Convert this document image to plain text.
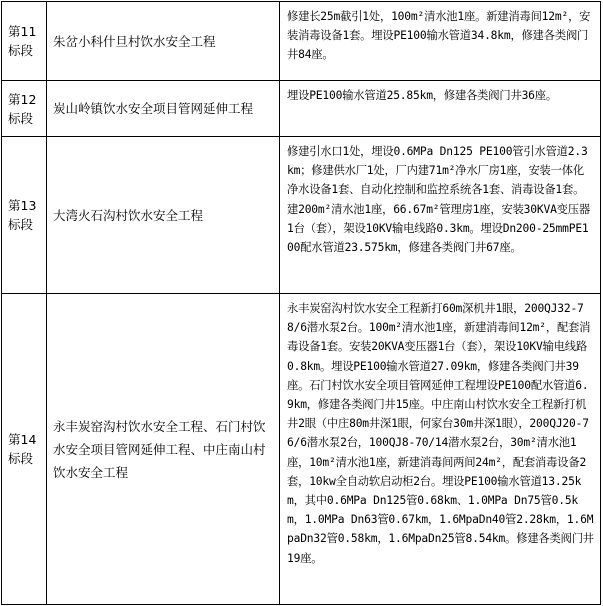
第11标段	朱岔小科什旦村饮水安全工程	修建长25m截引1处，100m²清水池1座。新建消毒间12m²，安装消毒设备1套。埋设PE100输水管道34.8km，修建各类阀门井84座。
第12标段	炭山岭镇饮水安全项目管网延伸工程	埋设PE100输水管道25.85km，修建各类阀门井36座。
第13标段	大湾火石沟村饮水安全工程	修建引水口1处，埋设0.6MPa Dn125 PE100管引水管道2.3km；修建供水厂1处，厂内建71m²净水厂房1座，安装一体化净水设备1套、自动化控制和监控系统各1套、消毒设备1套。建200m²清水池1座，66.67m²管理房1座，安装30KVA变压器1台（套），架设10KV输电线路0.3km。埋设Dn200-25mmPE100配水管道23.575km，修建各类阀门井67座。
第14标段	永丰炭窑沟村饮水安全工程、石门村饮水安全项目管网延伸工程、中庄南山村饮水安全工程	永丰炭窑沟村饮水安全工程新打60m深机井1眼，200QJ32-78/6潜水泵2台。100m²清水池1座，新建消毒间12m²，配套消毒设备1套。安装20KVA变压器1台（套），架设10KV输电线路0.8km。埋设PE100输水管道27.09km，修建各类阀门井39座。石门村饮水安全项目管网延伸工程埋设PE100配水管道6.9km，修建各类阀门井15座。中庄南山村饮水安全工程新打机井2眼（中庄80m井深1眼，何家台30m井深1眼），200QJ20-76/6潜水泵2台，100QJ8-70/14潜水泵2台，30m²清水池1座，10m²清水池1座，新建消毒间两间24m²，配套消毒设备2套，10kw全自动软启动柜2台。埋设PE100输水管道13.25km，其中0.6MPa Dn125管0.68km、1.0MPa Dn75管0.5km，1.0MPa Dn63管0.67km，1.6MpaDn40管2.28km，1.6MpaDn32管0.58km，1.6MpaDn25管8.54km。修建各类阀门井19座。
